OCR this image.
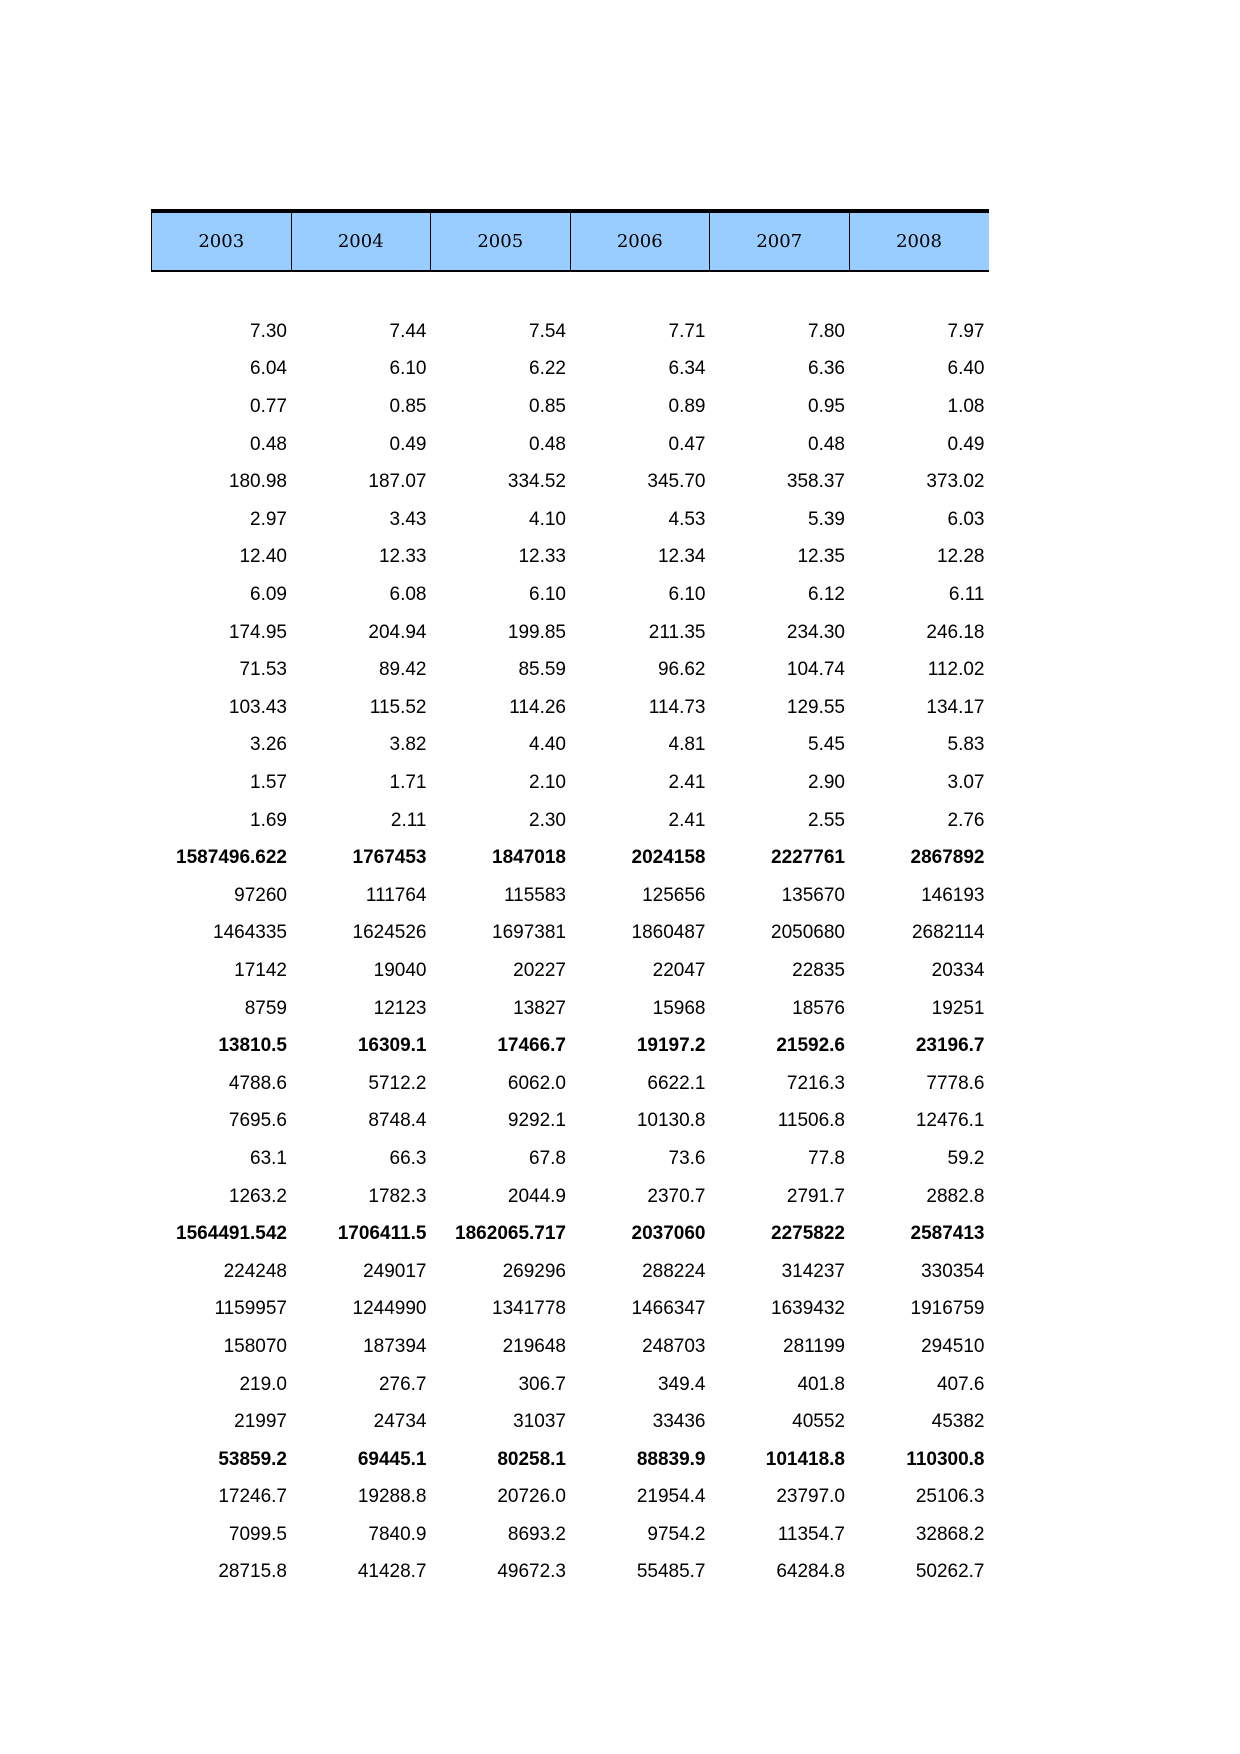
2003	2004	2005	2006	2007	2008

7.30	7.44	7.54	7.71	7.80	7.97
6.04	6.10	6.22	6.34	6.36	6.40
0.77	0.85	0.85	0.89	0.95	1.08
0.48	0.49	0.48	0.47	0.48	0.49
180.98	187.07	334.52	345.70	358.37	373.02
2.97	3.43	4.10	4.53	5.39	6.03
12.40	12.33	12.33	12.34	12.35	12.28
6.09	6.08	6.10	6.10	6.12	6.11
174.95	204.94	199.85	211.35	234.30	246.18
71.53	89.42	85.59	96.62	104.74	112.02
103.43	115.52	114.26	114.73	129.55	134.17
3.26	3.82	4.40	4.81	5.45	5.83
1.57	1.71	2.10	2.41	2.90	3.07
1.69	2.11	2.30	2.41	2.55	2.76
1587496.622	1767453	1847018	2024158	2227761	2867892
97260	111764	115583	125656	135670	146193
1464335	1624526	1697381	1860487	2050680	2682114
17142	19040	20227	22047	22835	20334
8759	12123	13827	15968	18576	19251
13810.5	16309.1	17466.7	19197.2	21592.6	23196.7
4788.6	5712.2	6062.0	6622.1	7216.3	7778.6
7695.6	8748.4	9292.1	10130.8	11506.8	12476.1
63.1	66.3	67.8	73.6	77.8	59.2
1263.2	1782.3	2044.9	2370.7	2791.7	2882.8
1564491.542	1706411.5	1862065.717	2037060	2275822	2587413
224248	249017	269296	288224	314237	330354
1159957	1244990	1341778	1466347	1639432	1916759
158070	187394	219648	248703	281199	294510
219.0	276.7	306.7	349.4	401.8	407.6
21997	24734	31037	33436	40552	45382
53859.2	69445.1	80258.1	88839.9	101418.8	110300.8
17246.7	19288.8	20726.0	21954.4	23797.0	25106.3
7099.5	7840.9	8693.2	9754.2	11354.7	32868.2
28715.8	41428.7	49672.3	55485.7	64284.8	50262.7
